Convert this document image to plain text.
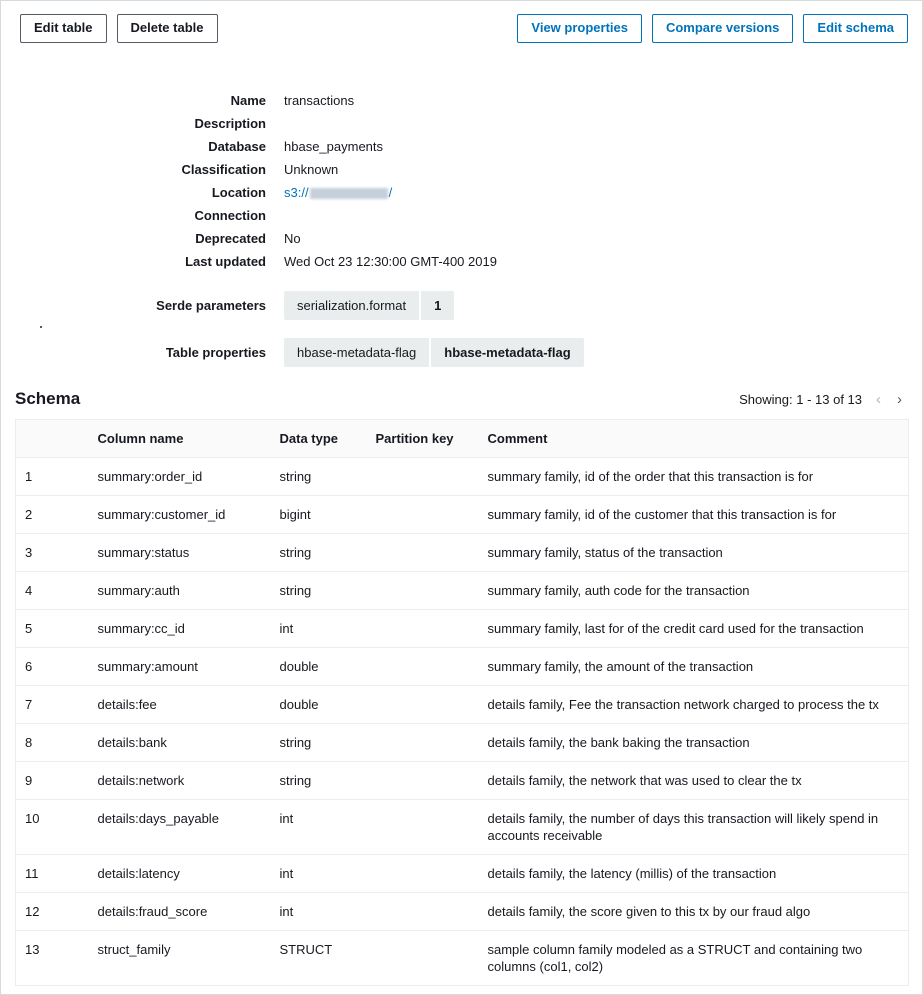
Edit table	Delete table	View properties	Compare versions	Edit schema
Name	transactions
Description
Database	hbase_payments
Classification	Unknown
Location	s3://	/
Connection
Deprecated	No
Last updated	Wed Oct 23 12:30:00 GMT-400 2019
Serde parameters	serialization.format	1
Table properties	hbase-metadata-flag	hbase-metadata-flag
Schema	Showing: 1 - 13 of 13 ‹ ›
	Column name	Data type	Partition key	Comment
1	summary:order_id	string		summary family, id of the order that this transaction is for
2	summary:customer_id	bigint		summary family, id of the customer that this transaction is for
3	summary:status	string		summary family, status of the transaction
4	summary:auth	string		summary family, auth code for the transaction
5	summary:cc_id	int		summary family, last for of the credit card used for the transaction
6	summary:amount	double		summary family, the amount of the transaction
7	details:fee	double		details family, Fee the transaction network charged to process the tx
8	details:bank	string		details family, the bank baking the transaction
9	details:network	string		details family, the network that was used to clear the tx
10	details:days_payable	int		details family, the number of days this transaction will likely spend in accounts receivable
11	details:latency	int		details family, the latency (millis) of the transaction
12	details:fraud_score	int		details family, the score given to this tx by our fraud algo
13	struct_family	STRUCT		sample column family modeled as a STRUCT and containing two columns (col1, col2)
